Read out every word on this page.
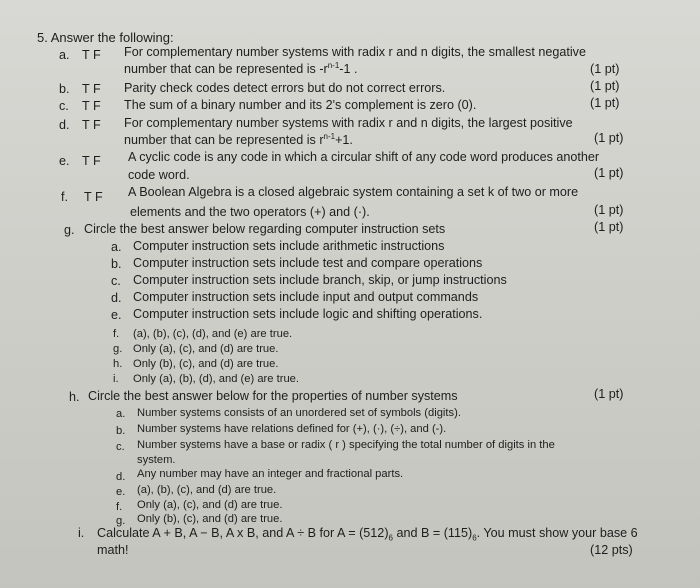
5. Answer the following:
a. T F For complementary number systems with radix r and n digits, the smallest negative
number that can be represented is $-r^{n-1}-1$ .	(1 pt)
b. T F Parity check codes detect errors but do not correct errors.	(1 pt)
c. T F The sum of a binary number and its 2's complement is zero (0).	(1 pt)
d. T F For complementary number systems with radix r and n digits, the largest positive
number that can be represented is $r^{n-1}+1$.	(1 pt)
e. T F A cyclic code is any code in which a circular shift of any code word produces another
code word.	(1 pt)
f. T F A Boolean Algebra is a closed algebraic system containing a set k of two or more
elements and the two operators (+) and (·).	(1 pt)
g. Circle the best answer below regarding computer instruction sets	(1 pt)
a. Computer instruction sets include arithmetic instructions
b. Computer instruction sets include test and compare operations
c. Computer instruction sets include branch, skip, or jump instructions
d. Computer instruction sets include input and output commands
e. Computer instruction sets include logic and shifting operations.
f. (a), (b), (c), (d), and (e) are true.
g. Only (a), (c), and (d) are true.
h. Only (b), (c), and (d) are true.
i. Only (a), (b), (d), and (e) are true.
h. Circle the best answer below for the properties of number systems	(1 pt)
a. Number systems consists of an unordered set of symbols (digits).
b. Number systems have relations defined for (+), (·), (÷), and (-).
c. Number systems have a base or radix ( r ) specifying the total number of digits in the
system.
d. Any number may have an integer and fractional parts.
e. (a), (b), (c), and (d) are true.
f. Only (a), (c), and (d) are true.
g. Only (b), (c), and (d) are true.
i. Calculate A + B, A − B, A x B, and A ÷ B for $A = (512)_6$ and $B = (115)_6$. You must show your base 6
math!	(12 pts)
